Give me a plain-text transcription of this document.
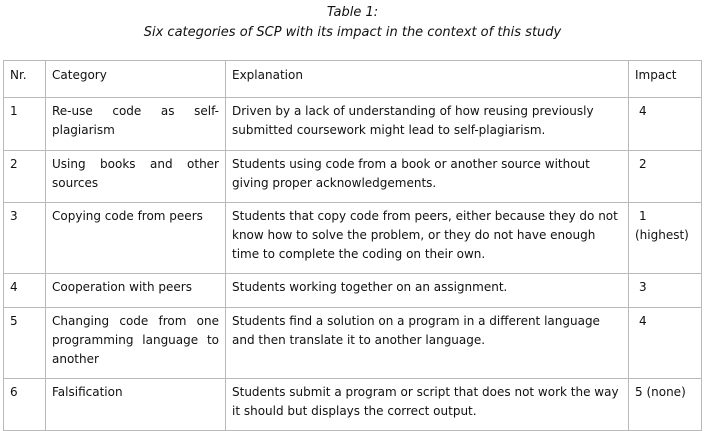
Table 1:
Six categories of SCP with its impact in the context of this study
Nr.	Category	Explanation	Impact
1	Re-use code as self-plagiarism	Driven by a lack of understanding of how reusing previously submitted coursework might lead to self-plagiarism.	4

2	Using books and other sources	Students using code from a book or another source without giving proper acknowledgements.	2

3	Copying code from peers	Students that copy code from peers, either because they do not know how to solve the problem, or they do not have enough time to complete the coding on their own.	1
(highest)

4	Cooperation with peers	Students working together on an assignment.	3

5	Changing code from one programming language to another	Students find a solution on a program in a different language and then translate it to another language.	4

6	Falsification	Students submit a program or script that does not work the way it should but displays the correct output.	5 (none)
